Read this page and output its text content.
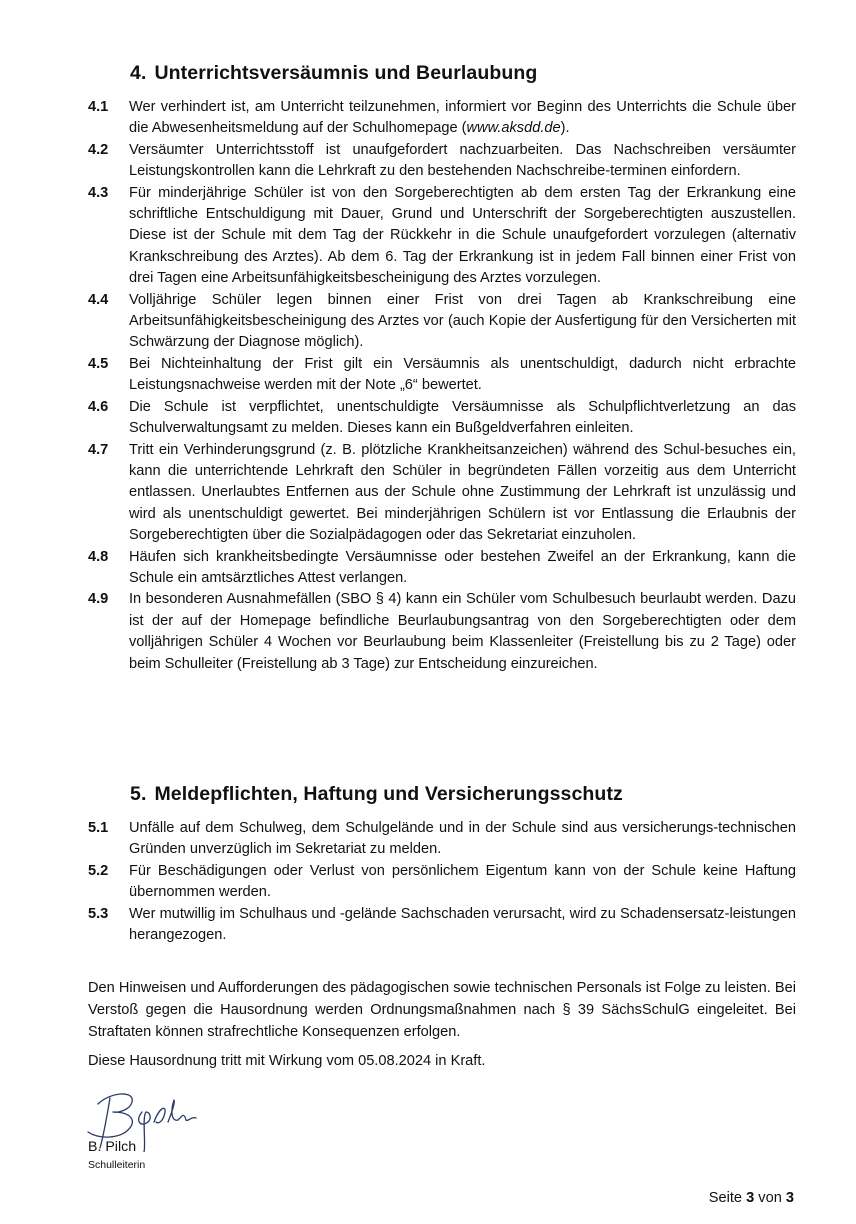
4. Unterrichtsversäumnis und Beurlaubung
4.1 Wer verhindert ist, am Unterricht teilzunehmen, informiert vor Beginn des Unterrichts die Schule über die Abwesenheitsmeldung auf der Schulhomepage (www.aksdd.de).
4.2 Versäumter Unterrichtsstoff ist unaufgefordert nachzuarbeiten. Das Nachschreiben versäumter Leistungskontrollen kann die Lehrkraft zu den bestehenden Nachschreibe-terminen einfordern.
4.3 Für minderjährige Schüler ist von den Sorgeberechtigten ab dem ersten Tag der Erkrankung eine schriftliche Entschuldigung mit Dauer, Grund und Unterschrift der Sorgeberechtigten auszustellen. Diese ist der Schule mit dem Tag der Rückkehr in die Schule unaufgefordert vorzulegen (alternativ Krankschreibung des Arztes). Ab dem 6. Tag der Erkrankung ist in jedem Fall binnen einer Frist von drei Tagen eine Arbeitsunfähigkeitsbescheinigung des Arztes vorzulegen.
4.4 Volljährige Schüler legen binnen einer Frist von drei Tagen ab Krankschreibung eine Arbeitsunfähigkeitsbescheinigung des Arztes vor (auch Kopie der Ausfertigung für den Versicherten mit Schwärzung der Diagnose möglich).
4.5 Bei Nichteinhaltung der Frist gilt ein Versäumnis als unentschuldigt, dadurch nicht erbrachte Leistungsnachweise werden mit der Note „6“ bewertet.
4.6 Die Schule ist verpflichtet, unentschuldigte Versäumnisse als Schulpflichtverletzung an das Schulverwaltungsamt zu melden. Dieses kann ein Bußgeldverfahren einleiten.
4.7 Tritt ein Verhinderungsgrund (z. B. plötzliche Krankheitsanzeichen) während des Schul-besuches ein, kann die unterrichtende Lehrkraft den Schüler in begründeten Fällen vorzeitig aus dem Unterricht entlassen. Unerlaubtes Entfernen aus der Schule ohne Zustimmung der Lehrkraft ist unzulässig und wird als unentschuldigt gewertet. Bei minderjährigen Schülern ist vor Entlassung die Erlaubnis der Sorgeberechtigten über die Sozialpädagogen oder das Sekretariat einzuholen.
4.8 Häufen sich krankheitsbedingte Versäumnisse oder bestehen Zweifel an der Erkrankung, kann die Schule ein amtsärztliches Attest verlangen.
4.9 In besonderen Ausnahmefällen (SBO § 4) kann ein Schüler vom Schulbesuch beurlaubt werden. Dazu ist der auf der Homepage befindliche Beurlaubungsantrag von den Sorgeberechtigten oder dem volljährigen Schüler 4 Wochen vor Beurlaubung beim Klassenleiter (Freistellung bis zu 2 Tage) oder beim Schulleiter (Freistellung ab 3 Tage) zur Entscheidung einzureichen.
5. Meldepflichten, Haftung und Versicherungsschutz
5.1 Unfälle auf dem Schulweg, dem Schulgelände und in der Schule sind aus versicherungs-technischen Gründen unverzüglich im Sekretariat zu melden.
5.2 Für Beschädigungen oder Verlust von persönlichem Eigentum kann von der Schule keine Haftung übernommen werden.
5.3 Wer mutwillig im Schulhaus und -gelände Sachschaden verursacht, wird zu Schadensersatz-leistungen herangezogen.

Den Hinweisen und Aufforderungen des pädagogischen sowie technischen Personals ist Folge zu leisten. Bei Verstoß gegen die Hausordnung werden Ordnungsmaßnahmen nach § 39 SächsSchulG eingeleitet. Bei Straftaten können strafrechtliche Konsequenzen erfolgen.

Diese Hausordnung tritt mit Wirkung vom 05.08.2024 in Kraft.

B. Pilch
Schulleiterin
Seite 3 von 3
